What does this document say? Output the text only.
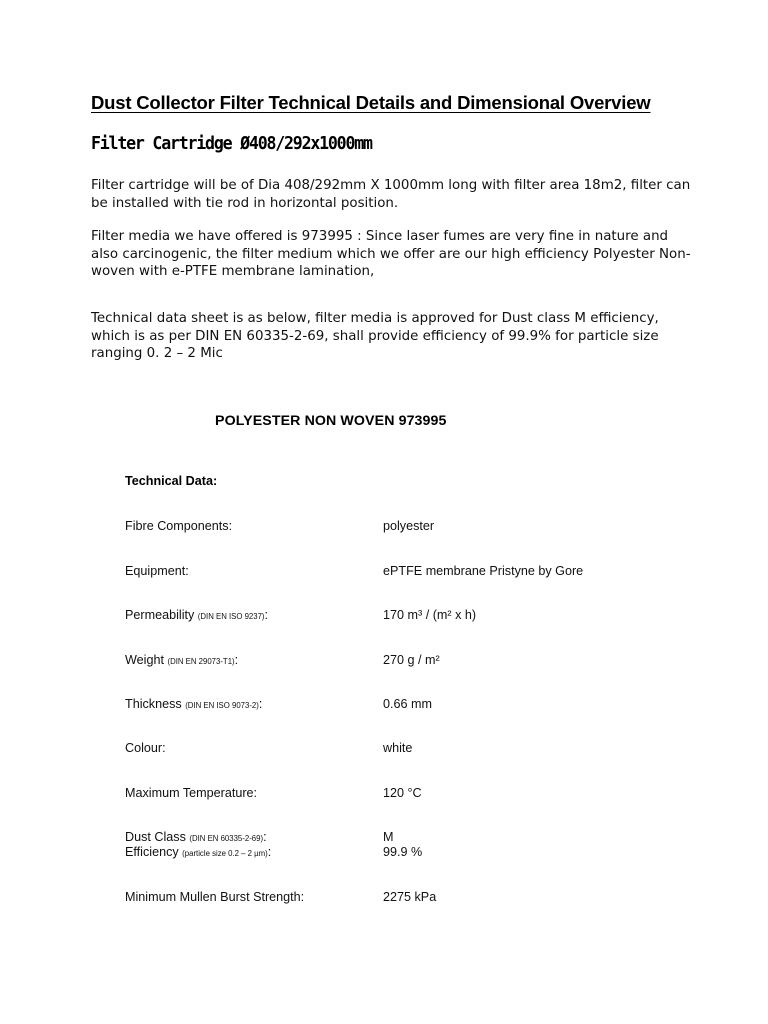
Dust Collector Filter Technical Details and Dimensional Overview
Filter Cartridge Ø408/292x1000mm

Filter cartridge will be of Dia 408/292mm X 1000mm long with filter area 18m2, filter can be installed with tie rod in horizontal position.

Filter media we have offered is 973995 : Since laser fumes are very fine in nature and also carcinogenic, the filter medium which we offer are our high efficiency Polyester Non-woven with e-PTFE membrane lamination,

Technical data sheet is as below, filter media is approved for Dust class M efficiency, which is as per DIN EN 60335-2-69, shall provide efficiency of 99.9% for particle size ranging 0. 2 – 2 Mic

POLYESTER NON WOVEN 973995
Technical Data:
Fibre Components:	polyester
Equipment:	ePTFE membrane Pristyne by Gore
Permeability (DIN EN ISO 9237):	170 m³ / (m² x h)
Weight (DIN EN 29073-T1):	270 g / m²
Thickness (DIN EN ISO 9073-2):	0.66 mm
Colour:	white
Maximum Temperature:	120 °C
Dust Class (DIN EN 60335-2-69):	M
Efficiency (particle size 0.2 – 2 µm):	99.9 %
Minimum Mullen Burst Strength:	2275 kPa
